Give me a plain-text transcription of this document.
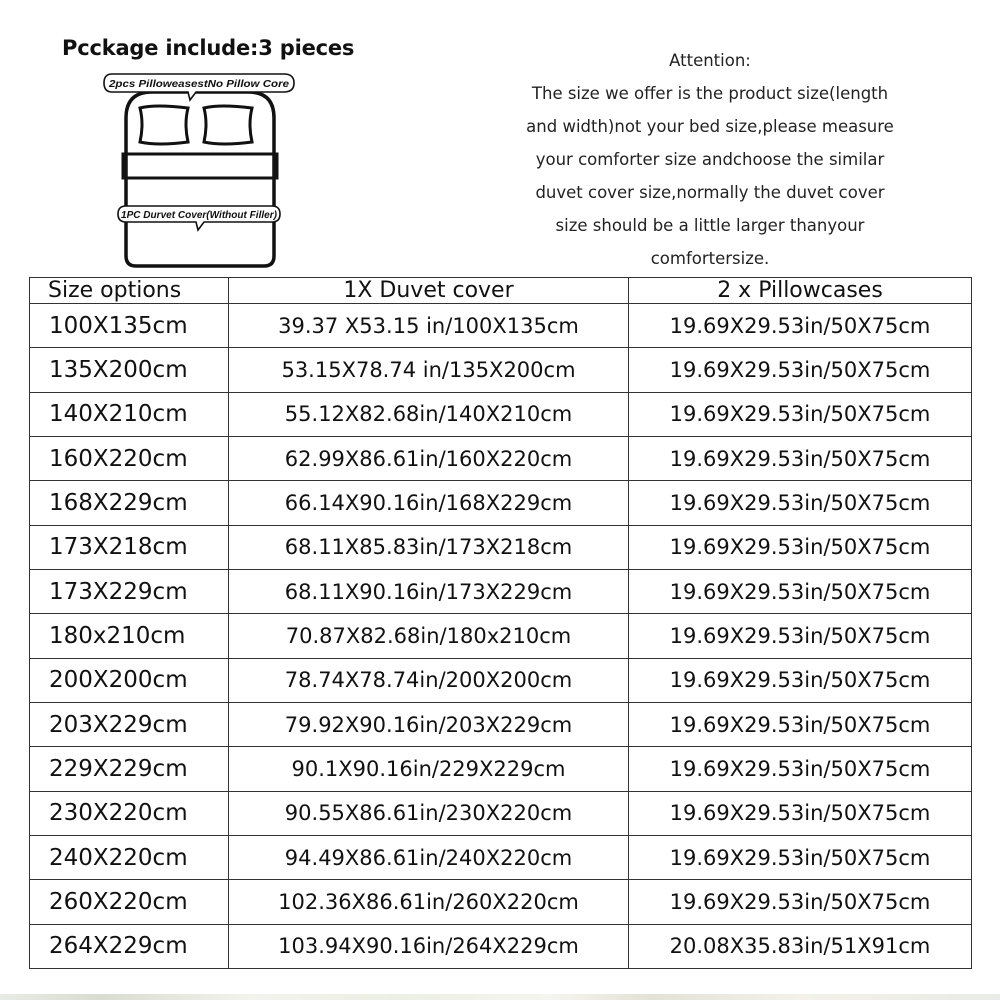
Pcckage include:3 pieces
2pcs PilloweasestNo Pillow Core
1PC Durvet Cover(Without Filler)
Attention:
The size we offer is the product size(length
and width)not your bed size,please measure
your comforter size andchoose the similar
duvet cover size,normally the duvet cover
size should be a little larger thanyour
comfortersize.
Size options	1X Duvet cover	2 x Pillowcases
100X135cm	39.37 X53.15 in/100X135cm	19.69X29.53in/50X75cm
135X200cm	53.15X78.74 in/135X200cm	19.69X29.53in/50X75cm
140X210cm	55.12X82.68in/140X210cm	19.69X29.53in/50X75cm
160X220cm	62.99X86.61in/160X220cm	19.69X29.53in/50X75cm
168X229cm	66.14X90.16in/168X229cm	19.69X29.53in/50X75cm
173X218cm	68.11X85.83in/173X218cm	19.69X29.53in/50X75cm
173X229cm	68.11X90.16in/173X229cm	19.69X29.53in/50X75cm
180x210cm	70.87X82.68in/180x210cm	19.69X29.53in/50X75cm
200X200cm	78.74X78.74in/200X200cm	19.69X29.53in/50X75cm
203X229cm	79.92X90.16in/203X229cm	19.69X29.53in/50X75cm
229X229cm	90.1X90.16in/229X229cm	19.69X29.53in/50X75cm
230X220cm	90.55X86.61in/230X220cm	19.69X29.53in/50X75cm
240X220cm	94.49X86.61in/240X220cm	19.69X29.53in/50X75cm
260X220cm	102.36X86.61in/260X220cm	19.69X29.53in/50X75cm
264X229cm	103.94X90.16in/264X229cm	20.08X35.83in/51X91cm
